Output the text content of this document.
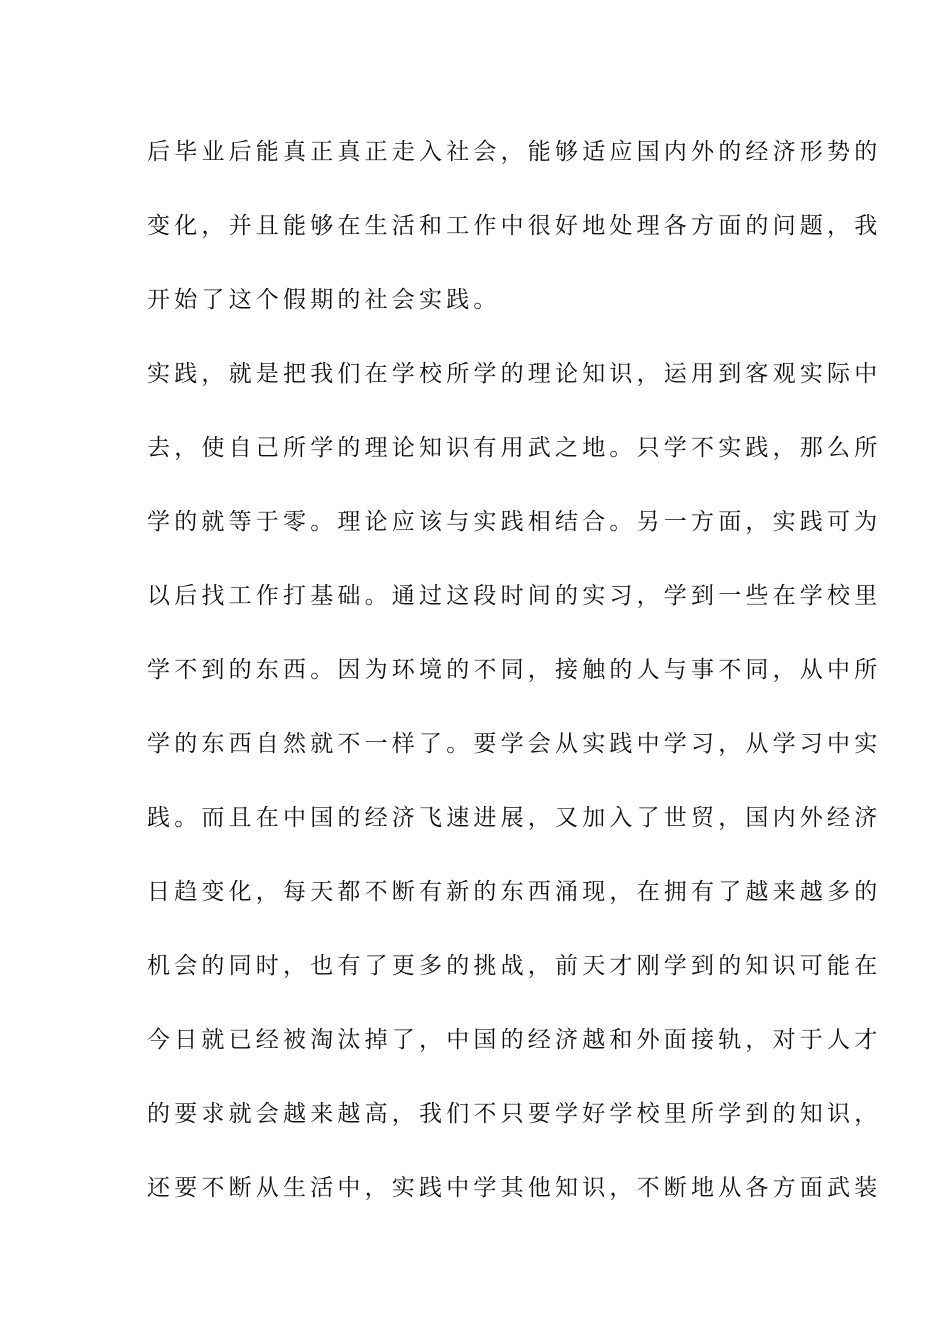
后毕业后能真正真正走入社会，能够适应国内外的经济形势的
变化，并且能够在生活和工作中很好地处理各方面的问题，我
开始了这个假期的社会实践。
实践，就是把我们在学校所学的理论知识，运用到客观实际中
去，使自己所学的理论知识有用武之地。只学不实践，那么所
学的就等于零。理论应该与实践相结合。另一方面，实践可为
以后找工作打基础。通过这段时间的实习，学到一些在学校里
学不到的东西。因为环境的不同，接触的人与事不同，从中所
学的东西自然就不一样了。要学会从实践中学习，从学习中实
践。而且在中国的经济飞速进展，又加入了世贸，国内外经济
日趋变化，每天都不断有新的东西涌现，在拥有了越来越多的
机会的同时，也有了更多的挑战，前天才刚学到的知识可能在
今日就已经被淘汰掉了，中国的经济越和外面接轨，对于人才
的要求就会越来越高，我们不只要学好学校里所学到的知识，
还要不断从生活中，实践中学其他知识，不断地从各方面武装
